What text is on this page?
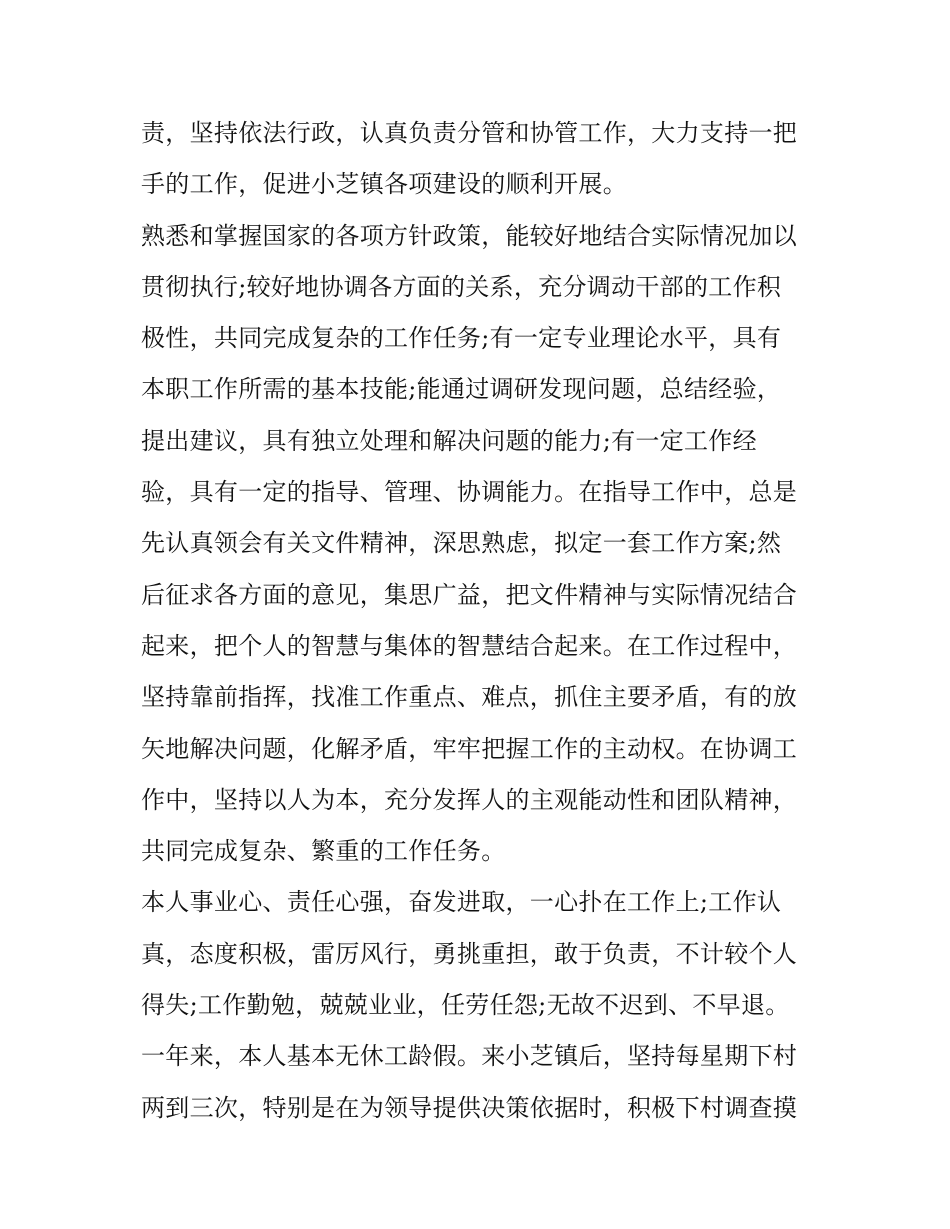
责，坚持依法行政，认真负责分管和协管工作，大力支持一把
手的工作，促进小芝镇各项建设的顺利开展。
熟悉和掌握国家的各项方针政策，能较好地结合实际情况加以
贯彻执行;较好地协调各方面的关系，充分调动干部的工作积
极性，共同完成复杂的工作任务;有一定专业理论水平，具有
本职工作所需的基本技能;能通过调研发现问题，总结经验，
提出建议，具有独立处理和解决问题的能力;有一定工作经
验，具有一定的指导、管理、协调能力。在指导工作中，总是
先认真领会有关文件精神，深思熟虑，拟定一套工作方案;然
后征求各方面的意见，集思广益，把文件精神与实际情况结合
起来，把个人的智慧与集体的智慧结合起来。在工作过程中，
坚持靠前指挥，找准工作重点、难点，抓住主要矛盾，有的放
矢地解决问题，化解矛盾，牢牢把握工作的主动权。在协调工
作中，坚持以人为本，充分发挥人的主观能动性和团队精神，
共同完成复杂、繁重的工作任务。
本人事业心、责任心强，奋发进取，一心扑在工作上;工作认
真，态度积极，雷厉风行，勇挑重担，敢于负责，不计较个人
得失;工作勤勉，兢兢业业，任劳任怨;无故不迟到、不早退。
一年来，本人基本无休工龄假。来小芝镇后，坚持每星期下村
两到三次，特别是在为领导提供决策依据时，积极下村调查摸
